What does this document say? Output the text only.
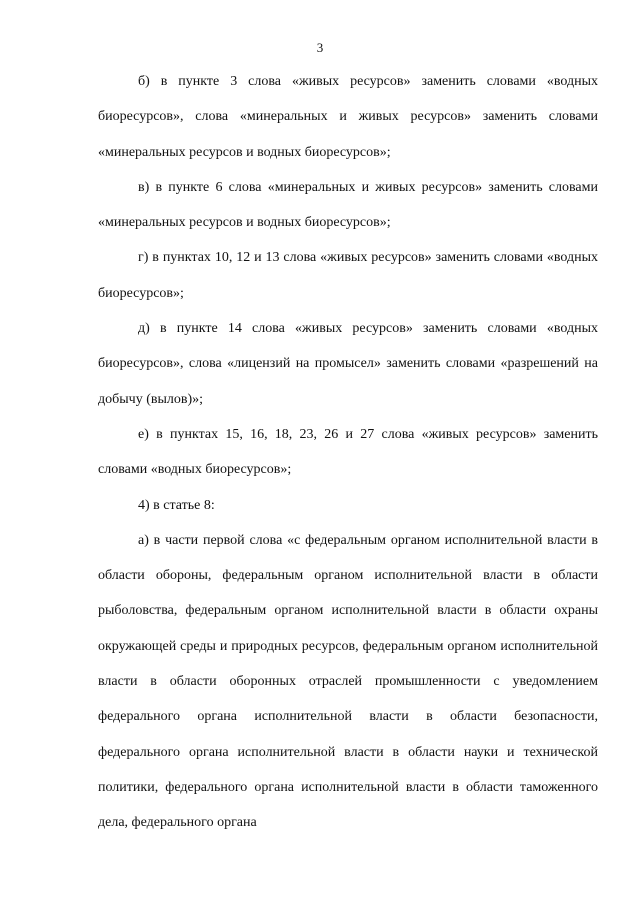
3

б) в пункте 3 слова «живых ресурсов» заменить словами «водных биоресурсов», слова «минеральных и живых ресурсов» заменить словами «минеральных ресурсов и водных биоресурсов»;

в) в пункте 6 слова «минеральных и живых ресурсов» заменить словами «минеральных ресурсов и водных биоресурсов»;

г) в пунктах 10, 12 и 13 слова «живых ресурсов» заменить словами «водных биоресурсов»;

д) в пункте 14 слова «живых ресурсов» заменить словами «водных биоресурсов», слова «лицензий на промысел» заменить словами «разрешений на добычу (вылов)»;

е) в пунктах 15, 16, 18, 23, 26 и 27 слова «живых ресурсов» заменить словами «водных биоресурсов»;

4) в статье 8:

а) в части первой слова «с федеральным органом исполнительной власти в области обороны, федеральным органом исполнительной власти в области рыболовства, федеральным органом исполнительной власти в области охраны окружающей среды и природных ресурсов, федеральным органом исполнительной власти в области оборонных отраслей промышленности с уведомлением федерального органа исполнительной власти в области безопасности, федерального органа исполнительной власти в области науки и технической политики, федерального органа исполнительной власти в области таможенного дела, федерального органа
